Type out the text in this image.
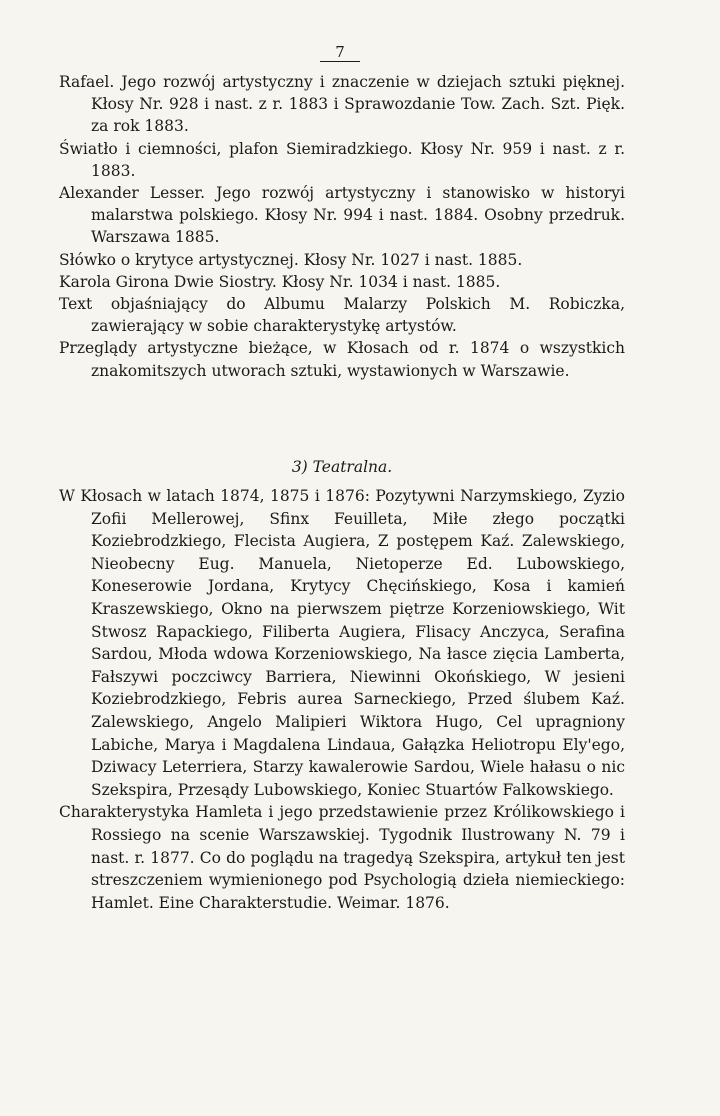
7

Rafael. Jego rozwój artystyczny i znaczenie w dziejach sztuki pięknej. Kłosy Nr. 928 i nast. z r. 1883 i Sprawozdanie Tow. Zach. Szt. Pięk. za rok 1883.

Światło i ciemności, plafon Siemiradzkiego. Kłosy Nr. 959 i nast. z r. 1883.

Alexander Lesser. Jego rozwój artystyczny i stanowisko w historyi malarstwa polskiego. Kłosy Nr. 994 i nast. 1884. Osobny przedruk. Warszawa 1885.

Słówko o krytyce artystycznej. Kłosy Nr. 1027 i nast. 1885.

Karola Girona Dwie Siostry. Kłosy Nr. 1034 i nast. 1885.

Text objaśniający do Albumu Malarzy Polskich M. Robiczka, zawierający w sobie charakterystykę artystów.

Przeglądy artystyczne bieżące, w Kłosach od r. 1874 o wszystkich znakomitszych utworach sztuki, wystawionych w Warszawie.

3) Teatralna.

W Kłosach w latach 1874, 1875 i 1876: Pozytywni Narzymskiego, Zyzio Zofii Mellerowej, Sfinx Feuilleta, Miłe złego początki Koziebrodzkiego, Flecista Augiera, Z postępem Kaź. Zalewskiego, Nieobecny Eug. Manuela, Nietoperze Ed. Lubowskiego, Koneserowie Jordana, Krytycy Chęcińskiego, Kosa i kamień Kraszewskiego, Okno na pierwszem piętrze Korzeniowskiego, Wit Stwosz Rapackiego, Filiberta Augiera, Flisacy Anczyca, Serafina Sardou, Młoda wdowa Korzeniowskiego, Na łasce zięcia Lamberta, Fałszywi poczciwcy Barriera, Niewinni Okońskiego, W jesieni Koziebrodzkiego, Febris aurea Sarneckiego, Przed ślubem Kaź. Zalewskiego, Angelo Malipieri Wiktora Hugo, Cel upragniony Labiche, Marya i Magdalena Lindaua, Gałązka Heliotropu Ely'ego, Dziwacy Leterriera, Starzy kawalerowie Sardou, Wiele hałasu o nic Szekspira, Przesądy Lubowskiego, Koniec Stuartów Falkowskiego.

Charakterystyka Hamleta i jego przedstawienie przez Królikowskiego i Rossiego na scenie Warszawskiej. Tygodnik Ilustrowany N. 79 i nast. r. 1877. Co do poglądu na tragedyą Szekspira, artykuł ten jest streszczeniem wymienionego pod Psychologią dzieła niemieckiego: Hamlet. Eine Charakterstudie. Weimar. 1876.
